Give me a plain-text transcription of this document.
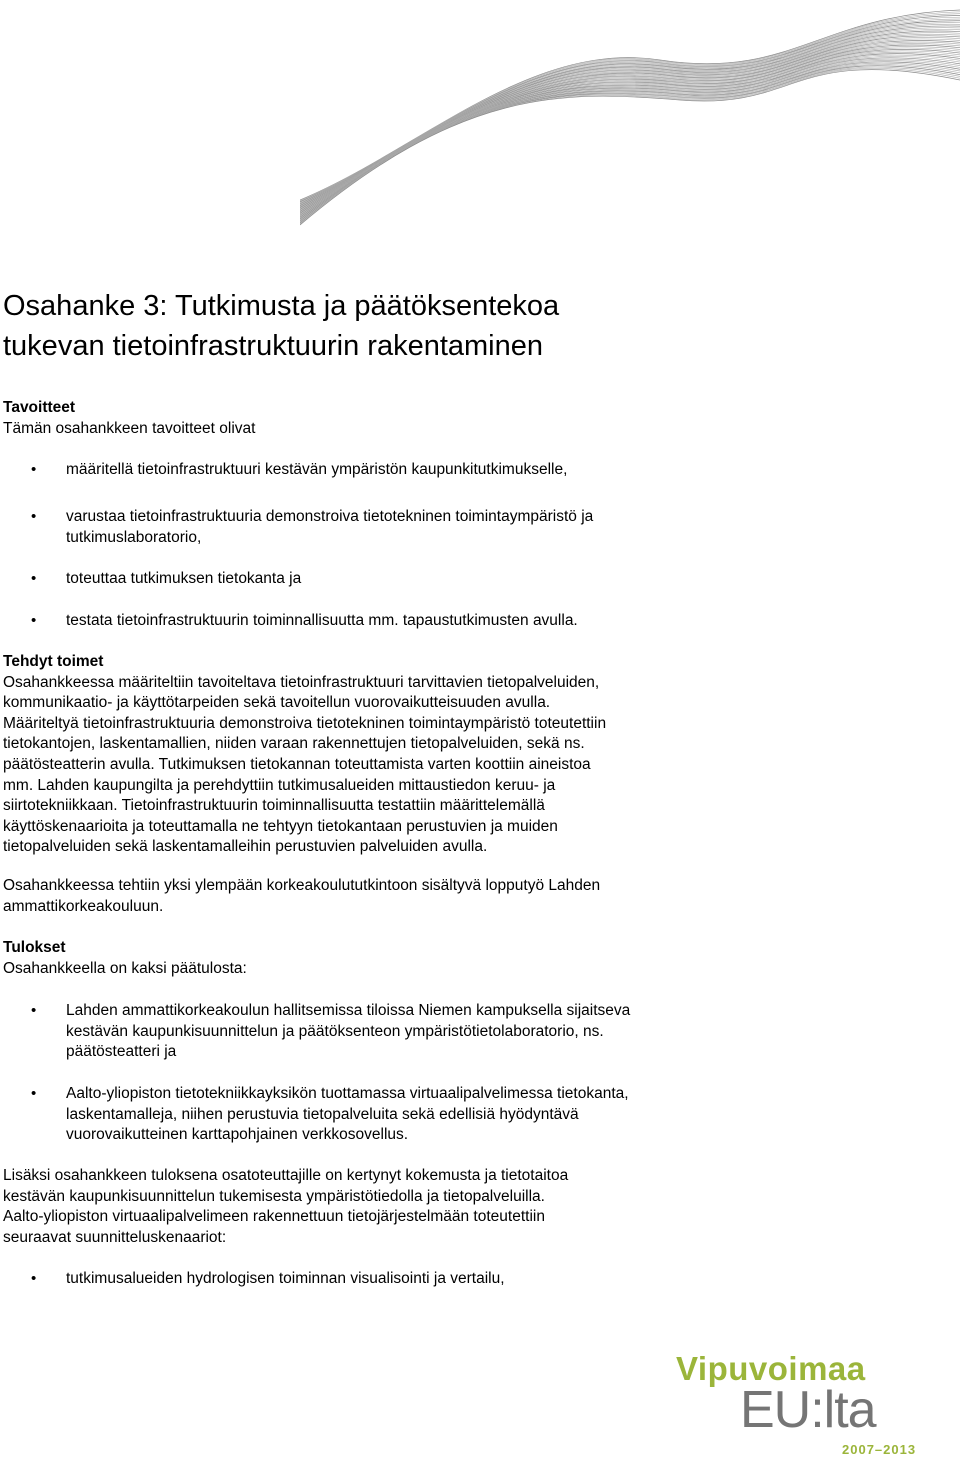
Osahanke 3: Tutkimusta ja päätöksentekoa
tukevan tietoinfrastruktuurin rakentaminen
Tavoitteet
Tämän osahankkeen tavoitteet olivat
• määritellä tietoinfrastruktuuri kestävän ympäristön kaupunkitutkimukselle,
• varustaa tietoinfrastruktuuria demonstroiva tietotekninen toimintaympäristö ja tutkimuslaboratorio,
• toteuttaa tutkimuksen tietokanta ja
• testata tietoinfrastruktuurin toiminnallisuutta mm. tapaustutkimusten avulla.
Tehdyt toimet
Osahankkeessa määriteltiin tavoiteltava tietoinfrastruktuuri tarvittavien tietopalveluiden,
kommunikaatio- ja käyttötarpeiden sekä tavoitellun vuorovaikutteisuuden avulla.
Määriteltyä tietoinfrastruktuuria demonstroiva tietotekninen toimintaympäristö toteutettiin
tietokantojen, laskentamallien, niiden varaan rakennettujen tietopalveluiden, sekä ns.
päätösteatterin avulla. Tutkimuksen tietokannan toteuttamista varten koottiin aineistoa
mm. Lahden kaupungilta ja perehdyttiin tutkimusalueiden mittaustiedon keruu- ja
siirtotekniikkaan. Tietoinfrastruktuurin toiminnallisuutta testattiin määrittelemällä
käyttöskenaarioita ja toteuttamalla ne tehtyyn tietokantaan perustuvien ja muiden
tietopalveluiden sekä laskentamalleihin perustuvien palveluiden avulla.
Osahankkeessa tehtiin yksi ylempään korkeakoulututkintoon sisältyvä lopputyö Lahden
ammattikorkeakouluun.
Tulokset
Osahankkeella on kaksi päätulosta:
• Lahden ammattikorkeakoulun hallitsemissa tiloissa Niemen kampuksella sijaitseva kestävän kaupunkisuunnittelun ja päätöksenteon ympäristötietolaboratorio, ns. päätösteatteri ja
• Aalto-yliopiston tietotekniikkayksikön tuottamassa virtuaalipalvelimessa tietokanta, laskentamalleja, niihen perustuvia tietopalveluita sekä edellisiä hyödyntävä vuorovaikutteinen karttapohjainen verkkosovellus.
Lisäksi osahankkeen tuloksena osatoteuttajille on kertynyt kokemusta ja tietotaitoa
kestävän kaupunkisuunnittelun tukemisesta ympäristötiedolla ja tietopalveluilla.
Aalto-yliopiston virtuaalipalvelimeen rakennettuun tietojärjestelmään toteutettiin
seuraavat suunnitteluskenaariot:
• tutkimusalueiden hydrologisen toiminnan visualisointi ja vertailu,
Vipuvoimaa
EU:lta
2007–2013
